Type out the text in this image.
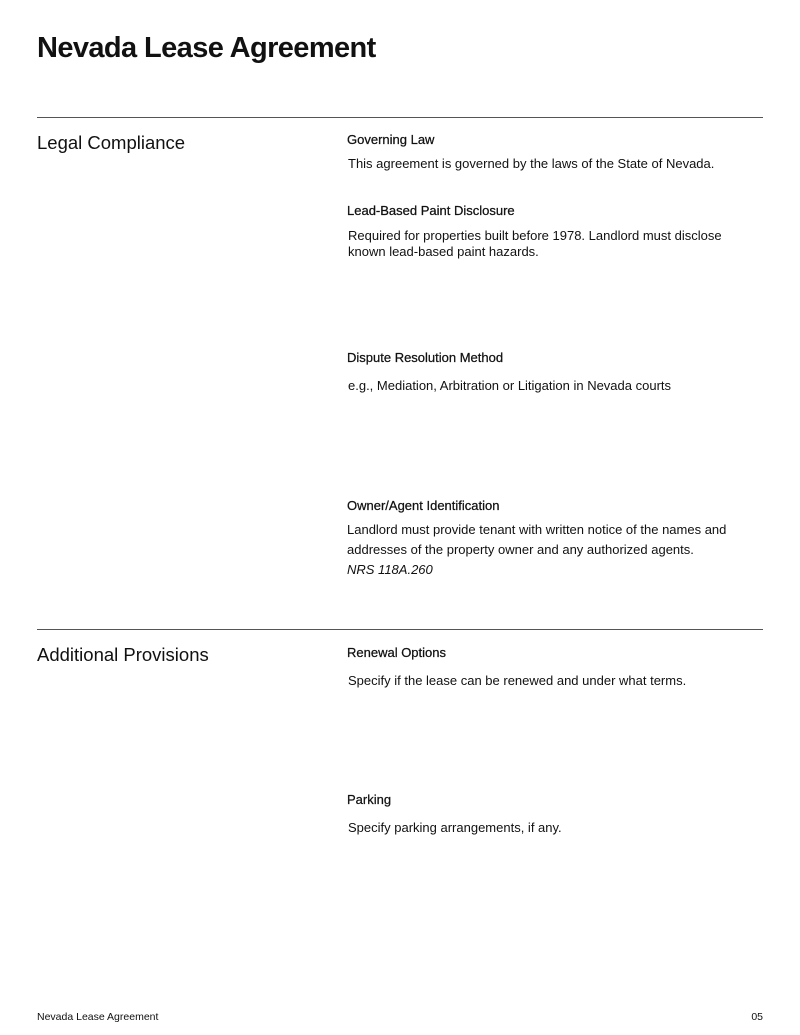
Nevada Lease Agreement
Legal Compliance	Governing Law
This agreement is governed by the laws of the State of Nevada.
Lead-Based Paint Disclosure
Required for properties built before 1978. Landlord must disclose known lead-based paint hazards.
Dispute Resolution Method
e.g., Mediation, Arbitration or Litigation in Nevada courts
Owner/Agent Identification
Landlord must provide tenant with written notice of the names and addresses of the property owner and any authorized agents.
NRS 118A.260
Additional Provisions	Renewal Options
Specify if the lease can be renewed and under what terms.
Parking
Specify parking arrangements, if any.
Nevada Lease Agreement	05
